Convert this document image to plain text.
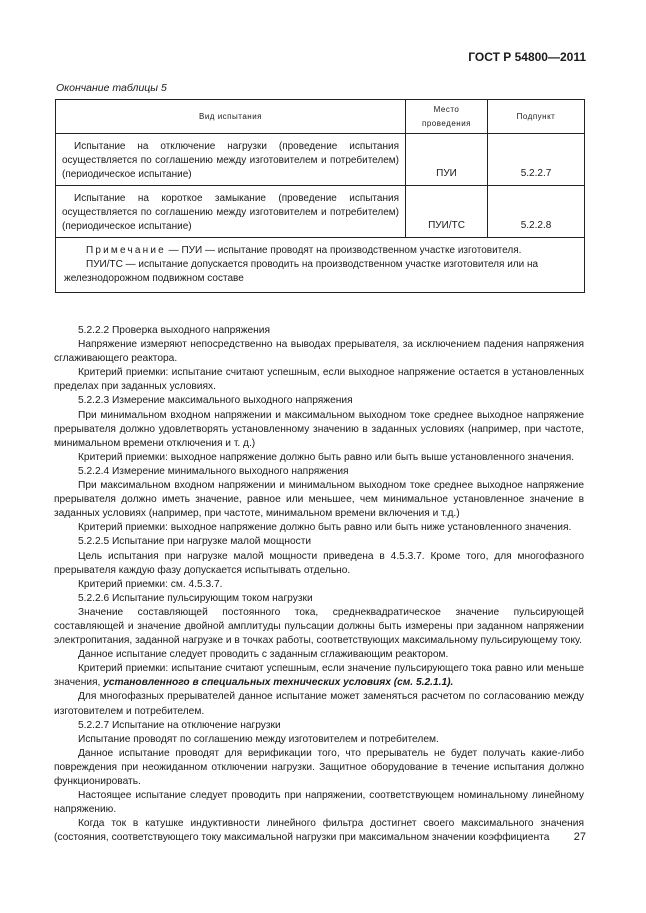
ГОСТ Р 54800—2011
Окончание таблицы 5
Вид испытания	Место проведения	Подпункт

Испытание на отключение нагрузки (проведение испытания осуществляется по соглашению между изготовителем и потребителем) (периодическое испытание)	ПУИ	5.2.2.7

Испытание на короткое замыкание (проведение испытания осуществляется по соглашению между изготовителем и потребителем) (периодическое испытание)	ПУИ/ТС	5.2.2.8

Примечание — ПУИ — испытание проводят на производственном участке изготовителя.
ПУИ/ТС — испытание допускается проводить на производственном участке изготовителя или на железнодорожном подвижном составе		

5.2.2.2 Проверка выходного напряжения

Напряжение измеряют непосредственно на выводах прерывателя, за исключением падения напряжения сглаживающего реактора.

Критерий приемки: испытание считают успешным, если выходное напряжение остается в установленных пределах при заданных условиях.

5.2.2.3 Измерение максимального выходного напряжения

При минимальном входном напряжении и максимальном выходном токе среднее выходное напряжение прерывателя должно удовлетворять установленному значению в заданных условиях (например, при частоте, минимальном времени отключения и т. д.)

Критерий приемки: выходное напряжение должно быть равно или быть выше установленного значения.

5.2.2.4 Измерение минимального выходного напряжения

При максимальном входном напряжении и минимальном выходном токе среднее выходное напряжение прерывателя должно иметь значение, равное или меньшее, чем минимальное установленное значение в заданных условиях (например, при частоте, минимальном времени включения и т.д.)

Критерий приемки: выходное напряжение должно быть равно или быть ниже установленного значения.

5.2.2.5 Испытание при нагрузке малой мощности

Цель испытания при нагрузке малой мощности приведена в 4.5.3.7. Кроме того, для многофазного прерывателя каждую фазу допускается испытывать отдельно.

Критерий приемки: см. 4.5.3.7.

5.2.2.6 Испытание пульсирующим током нагрузки

Значение составляющей постоянного тока, среднеквадратическое значение пульсирующей составляющей и значение двойной амплитуды пульсации должны быть измерены при заданном напряжении электропитания, заданной нагрузке и в точках работы, соответствующих максимальному пульсирующему току.

Данное испытание следует проводить с заданным сглаживающим реактором.

Критерий приемки: испытание считают успешным, если значение пульсирующего тока равно или меньше значения, установленного в специальных технических условиях (см. 5.2.1.1).

Для многофазных прерывателей данное испытание может заменяться расчетом по согласованию между изготовителем и потребителем.

5.2.2.7 Испытание на отключение нагрузки

Испытание проводят по соглашению между изготовителем и потребителем.

Данное испытание проводят для верификации того, что прерыватель не будет получать какие-либо повреждения при неожиданном отключении нагрузки. Защитное оборудование в течение испытания должно функционировать.

Настоящее испытание следует проводить при напряжении, соответствующем номинальному линейному напряжению.

Когда ток в катушке индуктивности линейного фильтра достигнет своего максимального значения (состояния, соответствующего току максимальной нагрузки при максимальном значении коэффициента	27
